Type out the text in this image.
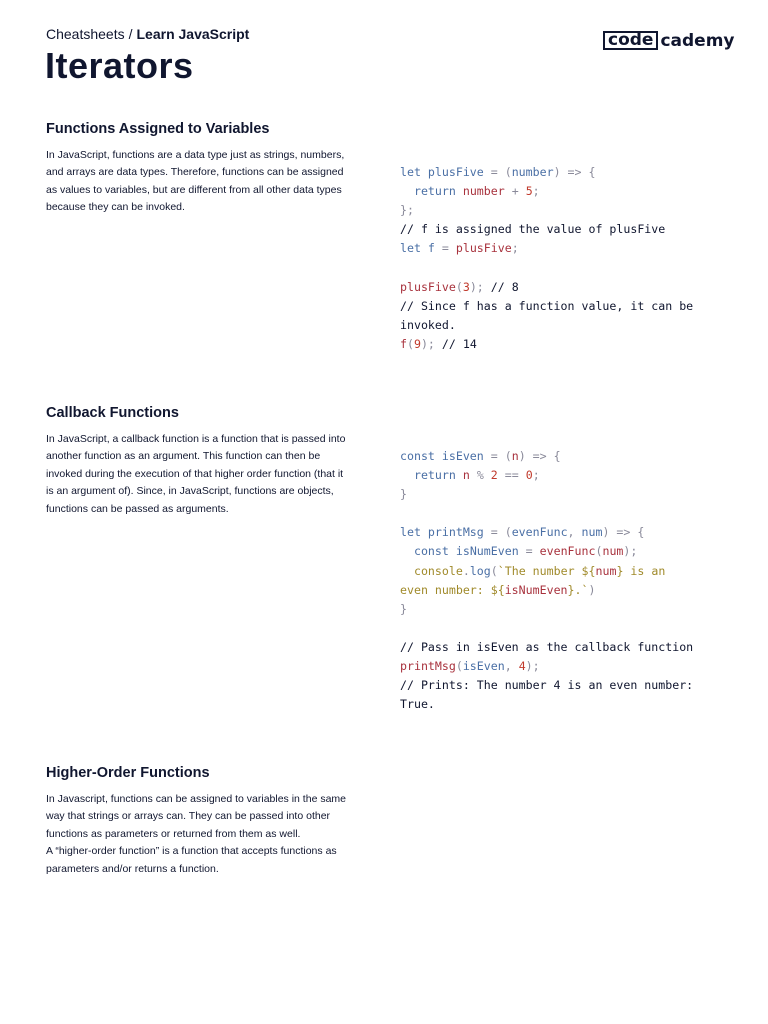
Cheatsheets / Learn JavaScript	code cademy
Iterators
Functions Assigned to Variables

In JavaScript, functions are a data type just as strings, numbers, and arrays are data types. Therefore, functions can be assigned as values to variables, but are different from all other data types because they can be invoked.

let plusFive = (number) => {
return number + 5;
};
// f is assigned the value of plusFive
let f = plusFive;
plusFive(3); // 8
// Since f has a function value, it can be invoked.
f(9); // 14
Callback Functions

In JavaScript, a callback function is a function that is passed into another function as an argument. This function can then be invoked during the execution of that higher order function (that it is an argument of). Since, in JavaScript, functions are objects, functions can be passed as arguments.

const isEven = (n) => {
return n % 2 == 0;
}
let printMsg = (evenFunc, num) => {
const isNumEven = evenFunc(num);
console.log(`The number ${num} is an even number: ${isNumEven}.`)
}
// Pass in isEven as the callback function
printMsg(isEven, 4);
// Prints: The number 4 is an even number: True.
Higher-Order Functions

In Javascript, functions can be assigned to variables in the same way that strings or arrays can. They can be passed into other functions as parameters or returned from them as well.

A “higher-order function” is a function that accepts functions as parameters and/or returns a function.
